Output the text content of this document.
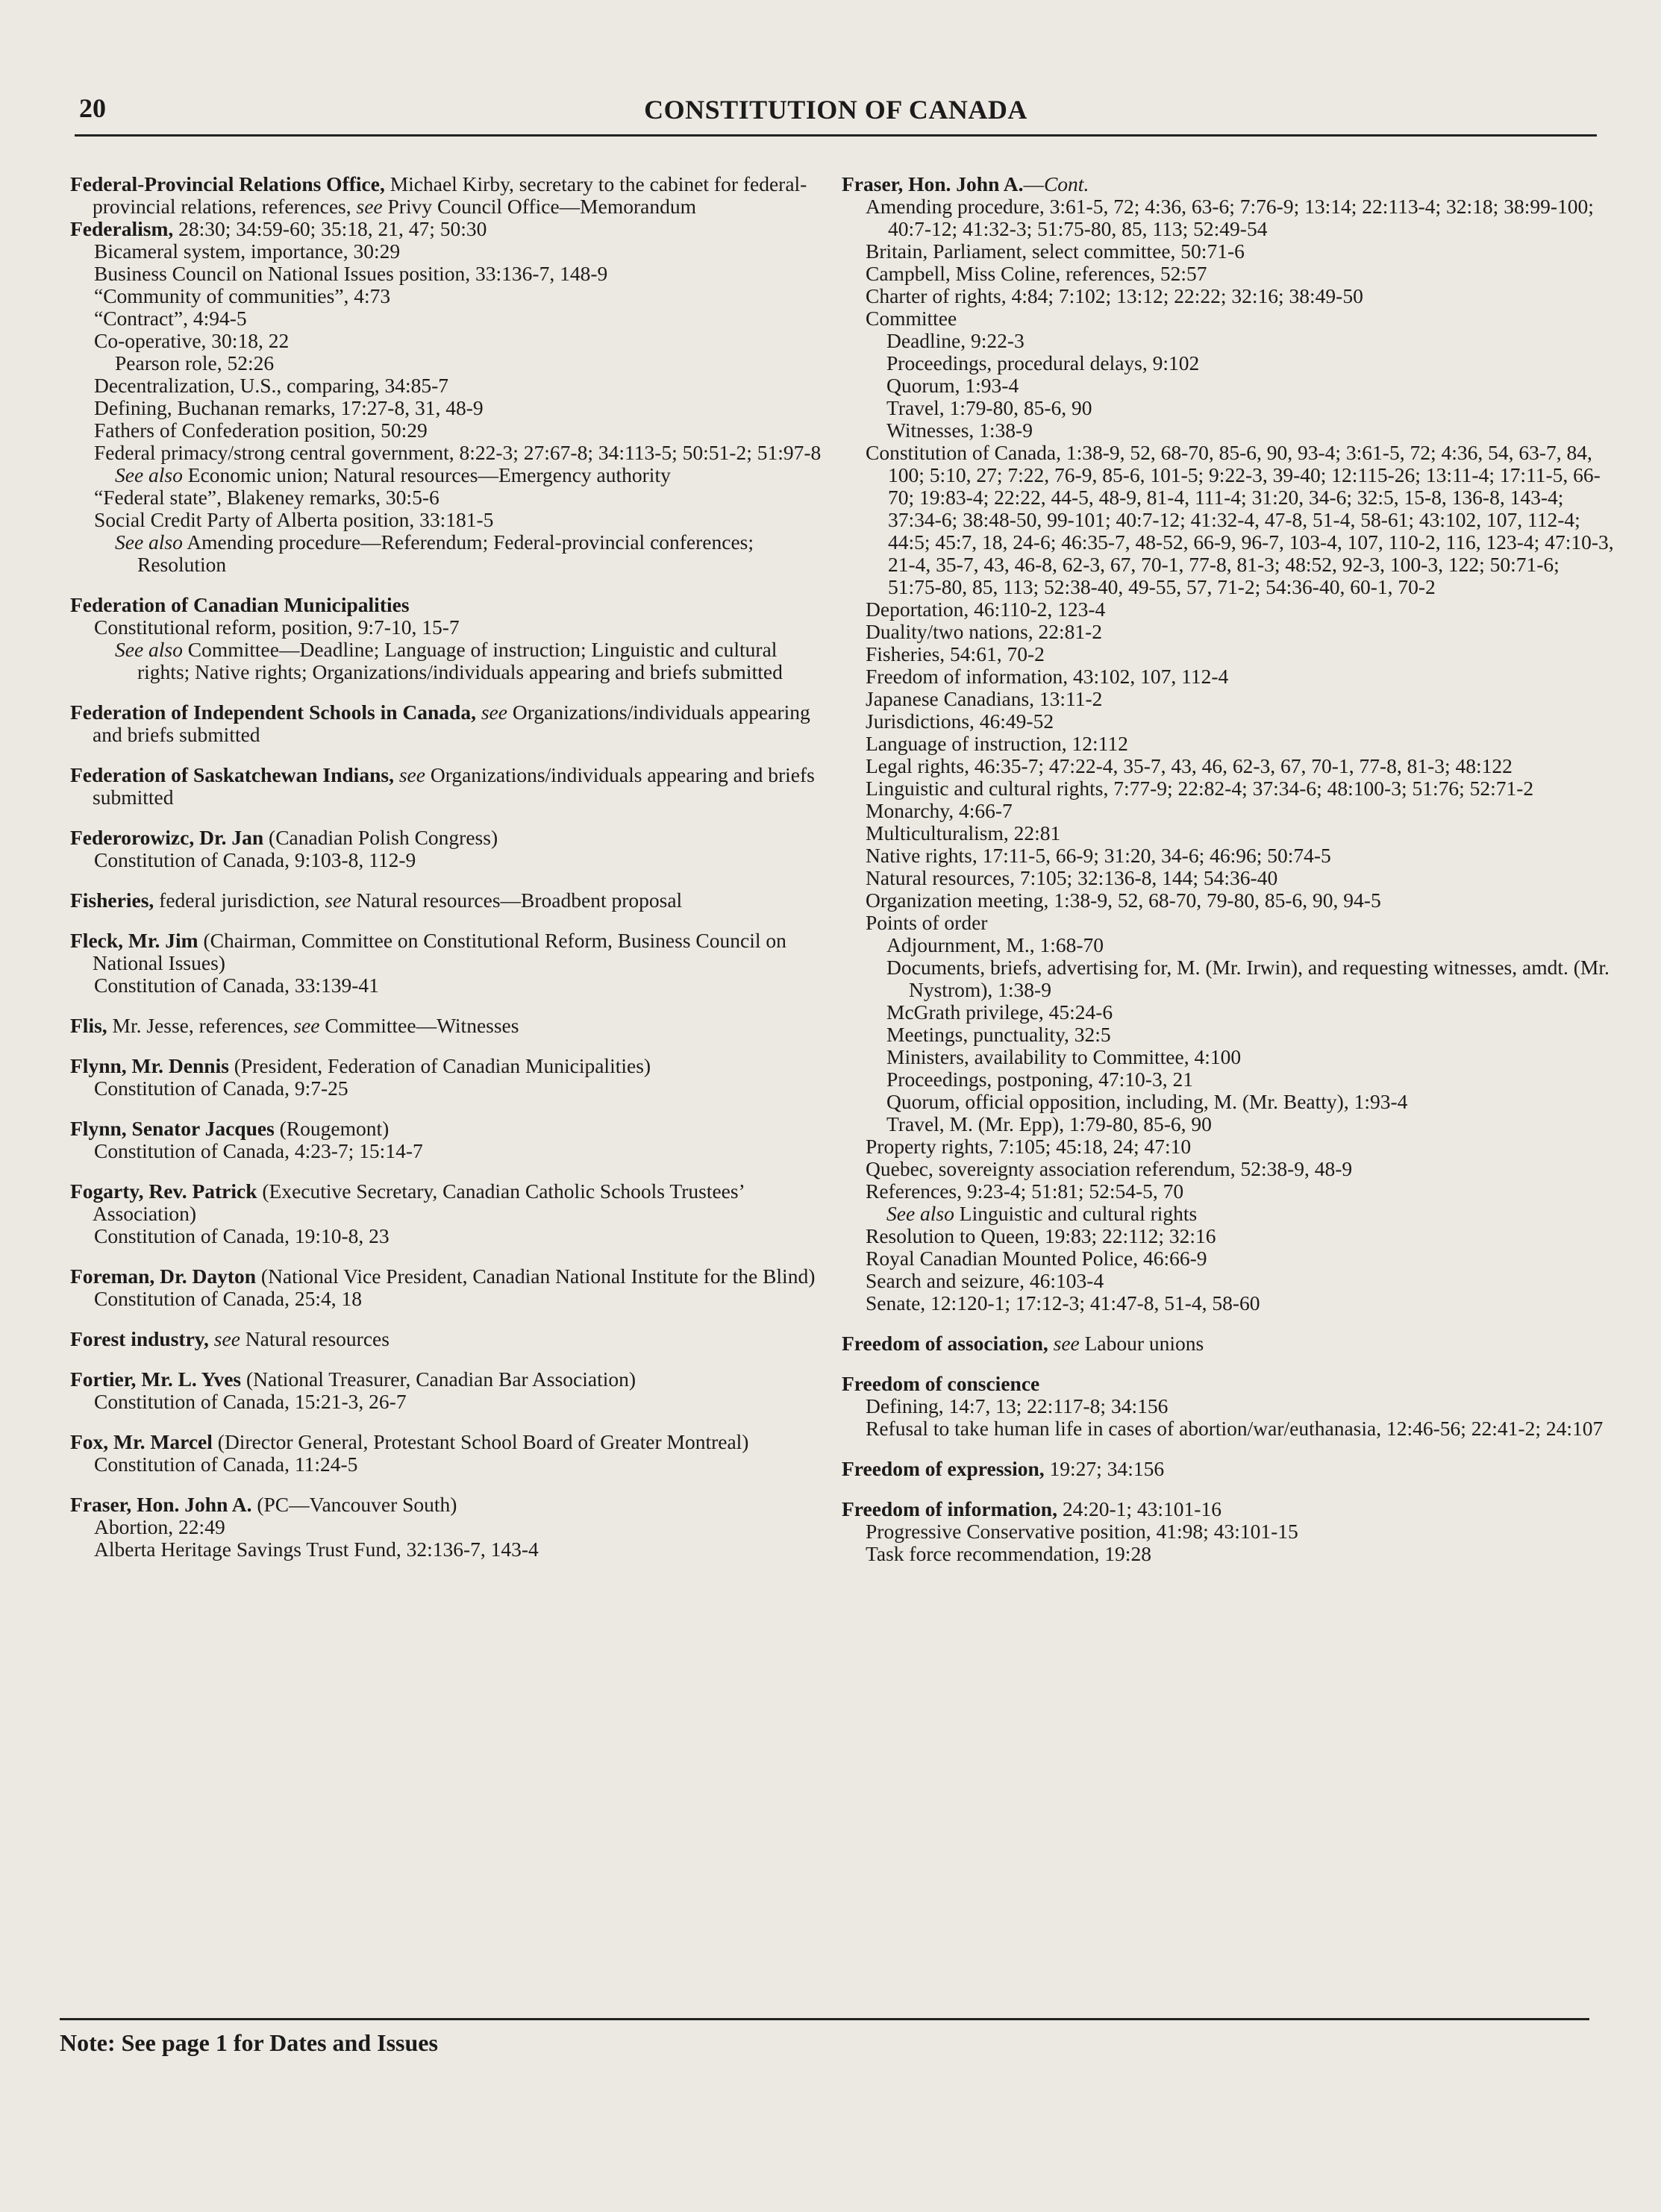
20	CONSTITUTION OF CANADA
Federal-Provincial Relations Office, Michael Kirby, secretary to the cabinet for federal-provincial relations, references, see Privy Council Office—Memorandum
Federalism, 28:30; 34:59-60; 35:18, 21, 47; 50:30
Bicameral system, importance, 30:29
Business Council on National Issues position, 33:136-7, 148-9
“Community of communities”, 4:73
“Contract”, 4:94-5
Co-operative, 30:18, 22
Pearson role, 52:26
Decentralization, U.S., comparing, 34:85-7
Defining, Buchanan remarks, 17:27-8, 31, 48-9
Fathers of Confederation position, 50:29
Federal primacy/strong central government, 8:22-3; 27:67-8; 34:113-5; 50:51-2; 51:97-8
See also Economic union; Natural resources—Emergency authority
“Federal state”, Blakeney remarks, 30:5-6
Social Credit Party of Alberta position, 33:181-5
See also Amending procedure—Referendum; Federal-provincial conferences; Resolution
Federation of Canadian Municipalities
Constitutional reform, position, 9:7-10, 15-7
See also Committee—Deadline; Language of instruction; Linguistic and cultural rights; Native rights; Organizations/individuals appearing and briefs submitted
Federation of Independent Schools in Canada, see Organizations/individuals appearing and briefs submitted
Federation of Saskatchewan Indians, see Organizations/individuals appearing and briefs submitted
Federorowizc, Dr. Jan (Canadian Polish Congress)
Constitution of Canada, 9:103-8, 112-9
Fisheries, federal jurisdiction, see Natural resources—Broadbent proposal
Fleck, Mr. Jim (Chairman, Committee on Constitutional Reform, Business Council on National Issues)
Constitution of Canada, 33:139-41
Flis, Mr. Jesse, references, see Committee—Witnesses
Flynn, Mr. Dennis (President, Federation of Canadian Municipalities)
Constitution of Canada, 9:7-25
Flynn, Senator Jacques (Rougemont)
Constitution of Canada, 4:23-7; 15:14-7
Fogarty, Rev. Patrick (Executive Secretary, Canadian Catholic Schools Trustees’ Association)
Constitution of Canada, 19:10-8, 23
Foreman, Dr. Dayton (National Vice President, Canadian National Institute for the Blind)
Constitution of Canada, 25:4, 18
Forest industry, see Natural resources
Fortier, Mr. L. Yves (National Treasurer, Canadian Bar Association)
Constitution of Canada, 15:21-3, 26-7
Fox, Mr. Marcel (Director General, Protestant School Board of Greater Montreal)
Constitution of Canada, 11:24-5
Fraser, Hon. John A. (PC—Vancouver South)
Abortion, 22:49
Alberta Heritage Savings Trust Fund, 32:136-7, 143-4
Fraser, Hon. John A.—Cont.
Amending procedure, 3:61-5, 72; 4:36, 63-6; 7:76-9; 13:14; 22:113-4; 32:18; 38:99-100; 40:7-12; 41:32-3; 51:75-80, 85, 113; 52:49-54
Britain, Parliament, select committee, 50:71-6
Campbell, Miss Coline, references, 52:57
Charter of rights, 4:84; 7:102; 13:12; 22:22; 32:16; 38:49-50
Committee
Deadline, 9:22-3
Proceedings, procedural delays, 9:102
Quorum, 1:93-4
Travel, 1:79-80, 85-6, 90
Witnesses, 1:38-9
Constitution of Canada, 1:38-9, 52, 68-70, 85-6, 90, 93-4; 3:61-5, 72; 4:36, 54, 63-7, 84, 100; 5:10, 27; 7:22, 76-9, 85-6, 101-5; 9:22-3, 39-40; 12:115-26; 13:11-4; 17:11-5, 66-70; 19:83-4; 22:22, 44-5, 48-9, 81-4, 111-4; 31:20, 34-6; 32:5, 15-8, 136-8, 143-4; 37:34-6; 38:48-50, 99-101; 40:7-12; 41:32-4, 47-8, 51-4, 58-61; 43:102, 107, 112-4; 44:5; 45:7, 18, 24-6; 46:35-7, 48-52, 66-9, 96-7, 103-4, 107, 110-2, 116, 123-4; 47:10-3, 21-4, 35-7, 43, 46-8, 62-3, 67, 70-1, 77-8, 81-3; 48:52, 92-3, 100-3, 122; 50:71-6; 51:75-80, 85, 113; 52:38-40, 49-55, 57, 71-2; 54:36-40, 60-1, 70-2
Deportation, 46:110-2, 123-4
Duality/two nations, 22:81-2
Fisheries, 54:61, 70-2
Freedom of information, 43:102, 107, 112-4
Japanese Canadians, 13:11-2
Jurisdictions, 46:49-52
Language of instruction, 12:112
Legal rights, 46:35-7; 47:22-4, 35-7, 43, 46, 62-3, 67, 70-1, 77-8, 81-3; 48:122
Linguistic and cultural rights, 7:77-9; 22:82-4; 37:34-6; 48:100-3; 51:76; 52:71-2
Monarchy, 4:66-7
Multiculturalism, 22:81
Native rights, 17:11-5, 66-9; 31:20, 34-6; 46:96; 50:74-5
Natural resources, 7:105; 32:136-8, 144; 54:36-40
Organization meeting, 1:38-9, 52, 68-70, 79-80, 85-6, 90, 94-5
Points of order
Adjournment, M., 1:68-70
Documents, briefs, advertising for, M. (Mr. Irwin), and requesting witnesses, amdt. (Mr. Nystrom), 1:38-9
McGrath privilege, 45:24-6
Meetings, punctuality, 32:5
Ministers, availability to Committee, 4:100
Proceedings, postponing, 47:10-3, 21
Quorum, official opposition, including, M. (Mr. Beatty), 1:93-4
Travel, M. (Mr. Epp), 1:79-80, 85-6, 90
Property rights, 7:105; 45:18, 24; 47:10
Quebec, sovereignty association referendum, 52:38-9, 48-9
References, 9:23-4; 51:81; 52:54-5, 70
See also Linguistic and cultural rights
Resolution to Queen, 19:83; 22:112; 32:16
Royal Canadian Mounted Police, 46:66-9
Search and seizure, 46:103-4
Senate, 12:120-1; 17:12-3; 41:47-8, 51-4, 58-60
Freedom of association, see Labour unions
Freedom of conscience
Defining, 14:7, 13; 22:117-8; 34:156
Refusal to take human life in cases of abortion/war/euthanasia, 12:46-56; 22:41-2; 24:107
Freedom of expression, 19:27; 34:156
Freedom of information, 24:20-1; 43:101-16
Progressive Conservative position, 41:98; 43:101-15
Task force recommendation, 19:28
Note: See page 1 for Dates and Issues
